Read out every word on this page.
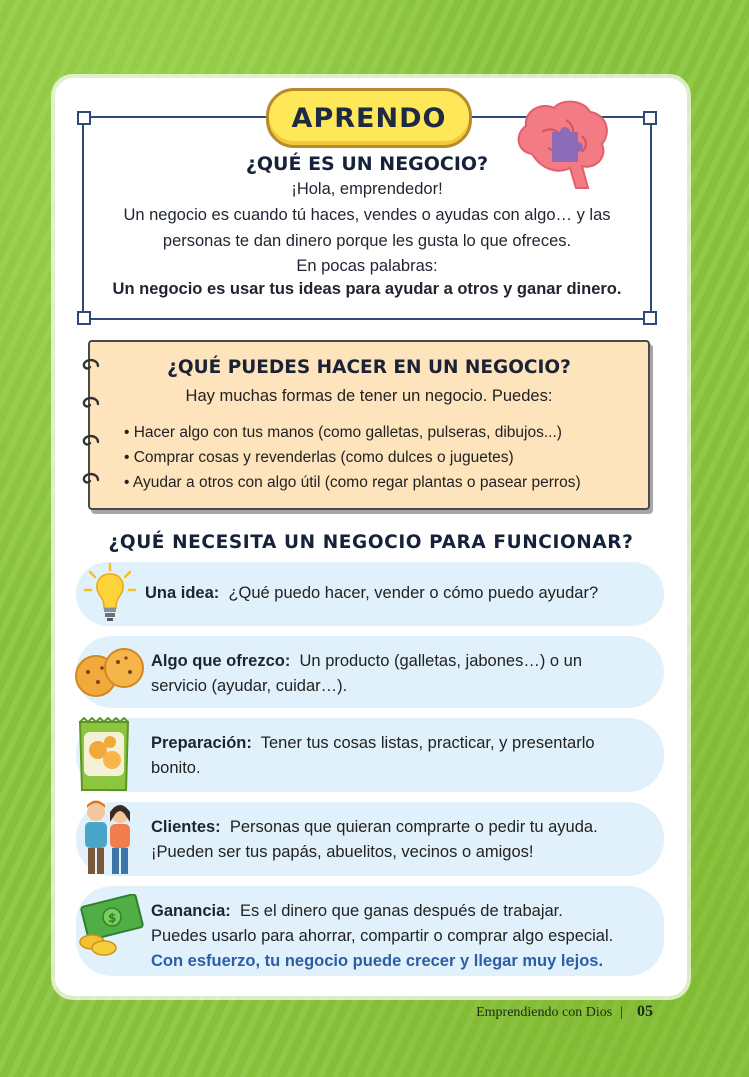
APRENDO
¿QUÉ ES UN NEGOCIO?
¡Hola, emprendedor!
Un negocio es cuando tú haces, vendes o ayudas con algo… y las
personas te dan dinero porque les gusta lo que ofreces.
En pocas palabras:
Un negocio es usar tus ideas para ayudar a otros y ganar dinero.
¿QUÉ PUEDES HACER EN UN NEGOCIO?
Hay muchas formas de tener un negocio. Puedes:
• Hacer algo con tus manos (como galletas, pulseras, dibujos...)
• Comprar cosas y revenderlas (como dulces o juguetes)
• Ayudar a otros con algo útil (como regar plantas o pasear perros)
¿QUÉ NECESITA UN NEGOCIO PARA FUNCIONAR?
Una idea: ¿Qué puedo hacer, vender o cómo puedo ayudar?
Algo que ofrezco: Un producto (galletas, jabones…) o un
servicio (ayudar, cuidar…).
Preparación: Tener tus cosas listas, practicar, y presentarlo
bonito.
Clientes: Personas que quieran comprarte o pedir tu ayuda.
¡Pueden ser tus papás, abuelitos, vecinos o amigos!
$ Ganancia: Es el dinero que ganas después de trabajar.
Puedes usarlo para ahorrar, compartir o comprar algo especial.
Con esfuerzo, tu negocio puede crecer y llegar muy lejos.
Emprendiendo con Dios | 05
